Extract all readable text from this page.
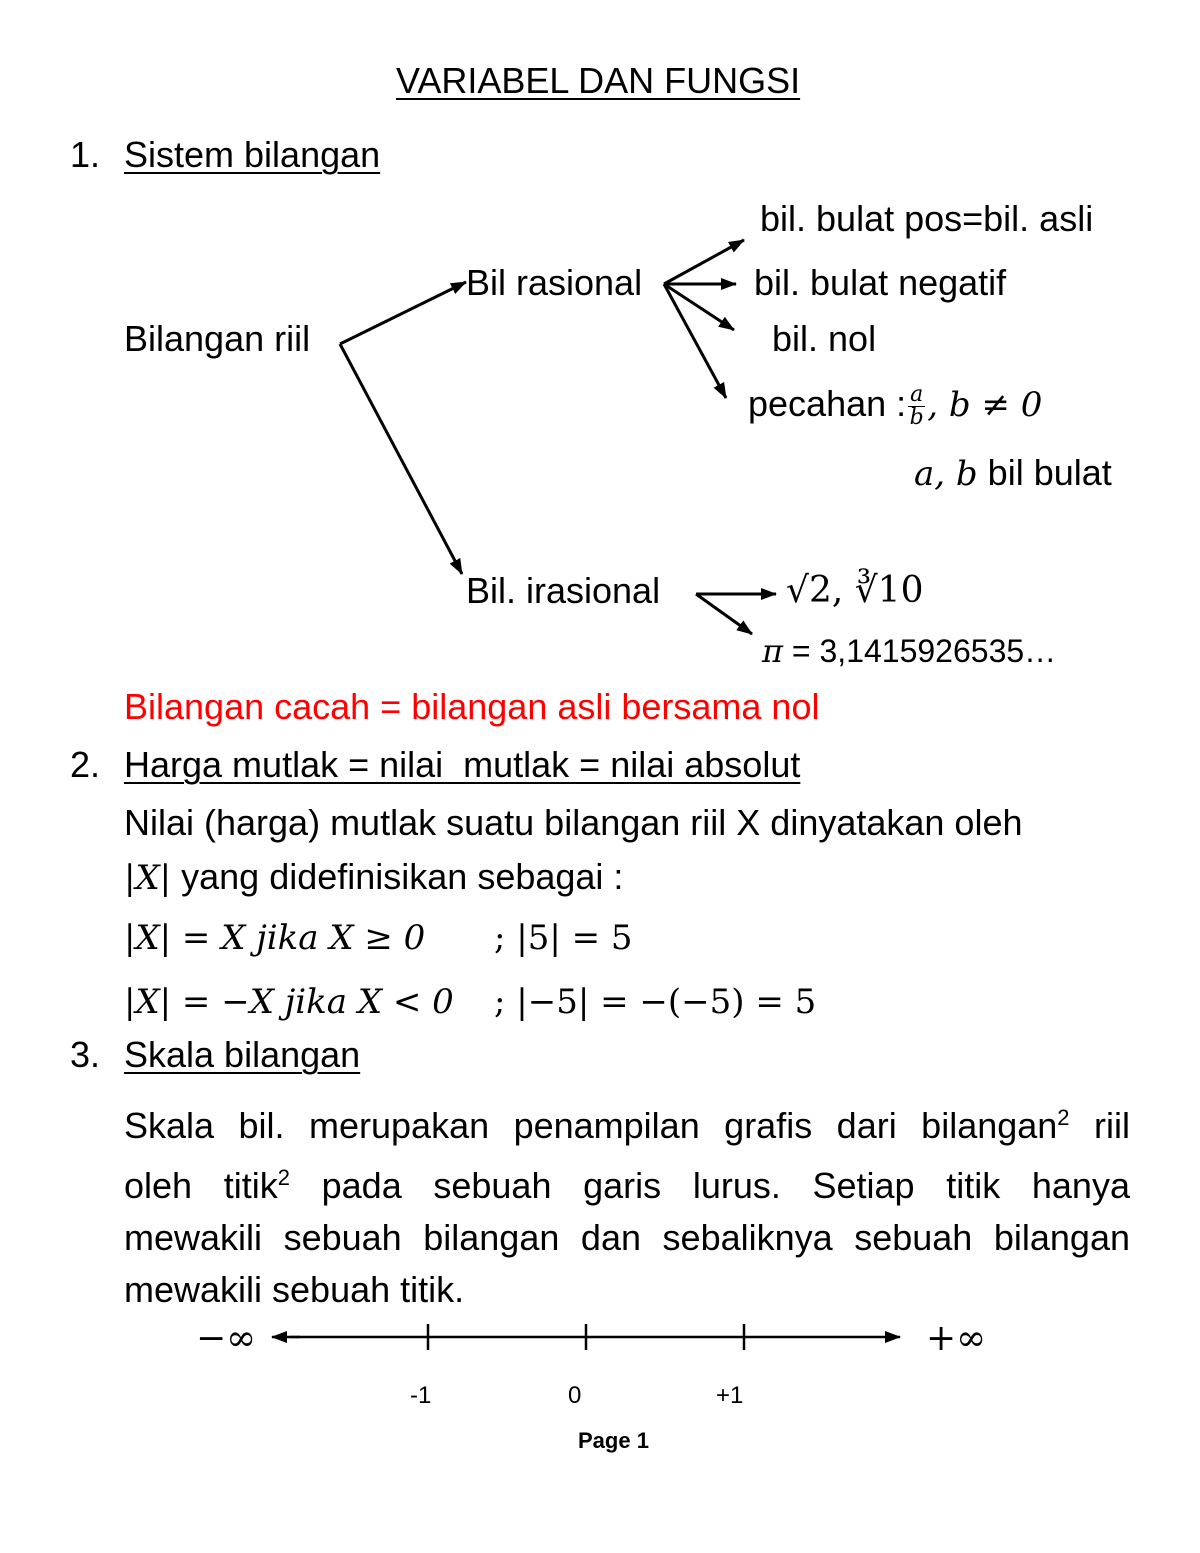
VARIABEL DAN FUNGSI
1. Sistem bilangan
Bilangan riil
Bil rasional
Bil. irasional
bil. bulat pos=bil. asli
bil. bulat negatif
bil. nol
pecahan : $\frac{a}{b}$ , b ≠ 0
a, b bil bulat
√2, ∛10
π = 3,1415926535…
Bilangan cacah = bilangan asli bersama nol
2. Harga mutlak = nilai  mutlak = nilai absolut
Nilai (harga) mutlak suatu bilangan riil X dinyatakan oleh
|X| yang didefinisikan sebagai :
|X| = X jika X ≥ 0 ; |5| = 5
|X| = −X jika X < 0 ; |−5| = −(−5) = 5
3. Skala bilangan
Skala bil. merupakan penampilan grafis dari bilangan$^2$ riil
oleh titik$^2$ pada sebuah garis lurus. Setiap titik hanya
mewakili sebuah bilangan dan sebaliknya sebuah bilangan
mewakili sebuah titik.
−∞	+∞
-1	0	+1
Page 1
